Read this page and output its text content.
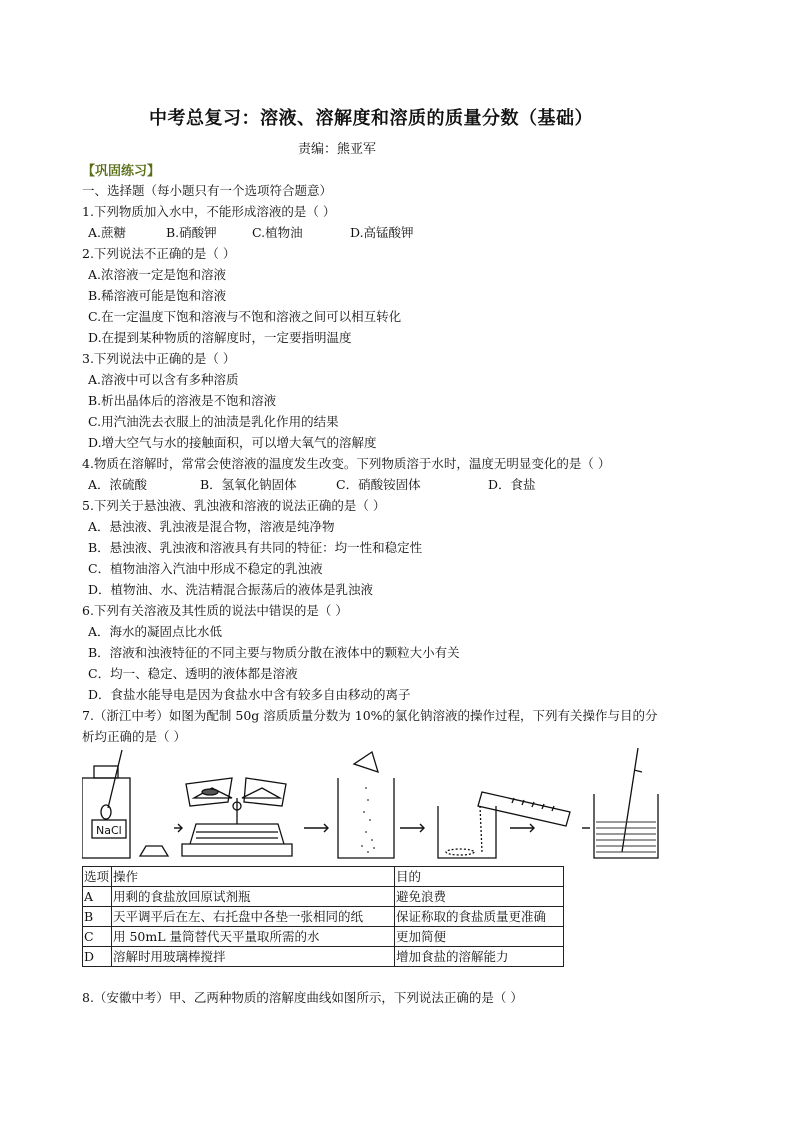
中考总复习：溶液、溶解度和溶质的质量分数（基础）
责编：熊亚军
【巩固练习】
一、选择题（每小题只有一个选项符合题意）
1.下列物质加入水中，不能形成溶液的是（ ）
A.蔗糖	B.硝酸钾	C.植物油	D.高锰酸钾
2.下列说法不正确的是（ ）
A.浓溶液一定是饱和溶液
B.稀溶液可能是饱和溶液
C.在一定温度下饱和溶液与不饱和溶液之间可以相互转化
D.在提到某种物质的溶解度时，一定要指明温度
3.下列说法中正确的是（ ）
A.溶液中可以含有多种溶质
B.析出晶体后的溶液是不饱和溶液
C.用汽油洗去衣服上的油渍是乳化作用的结果
D.增大空气与水的接触面积，可以增大氧气的溶解度
4.物质在溶解时，常常会使溶液的温度发生改变。下列物质溶于水时，温度无明显变化的是（ ）
A．浓硫酸	B．氢氧化钠固体	C．硝酸铵固体	D．食盐
5.下列关于悬浊液、乳浊液和溶液的说法正确的是（ ）
A．悬浊液、乳浊液是混合物，溶液是纯净物
B．悬浊液、乳浊液和溶液具有共同的特征：均一性和稳定性
C．植物油溶入汽油中形成不稳定的乳浊液
D．植物油、水、洗洁精混合振荡后的液体是乳浊液
6.下列有关溶液及其性质的说法中错误的是（ ）
A．海水的凝固点比水低
B．溶液和浊液特征的不同主要与物质分散在液体中的颗粒大小有关
C．均一、稳定、透明的液体都是溶液
D．食盐水能导电是因为食盐水中含有较多自由移动的离子
7.（浙江中考）如图为配制 50g 溶质质量分数为 10%的氯化钠溶液的操作过程，下列有关操作与目的分
析均正确的是（ ）
NaCl
选项	操作	目的
A	用剩的食盐放回原试剂瓶	避免浪费
B	天平调平后在左、右托盘中各垫一张相同的纸	保证称取的食盐质量更准确
C	用 50mL 量筒替代天平量取所需的水	更加简便
D	溶解时用玻璃棒搅拌	增加食盐的溶解能力
8.（安徽中考）甲、乙两种物质的溶解度曲线如图所示，下列说法正确的是（ ）
